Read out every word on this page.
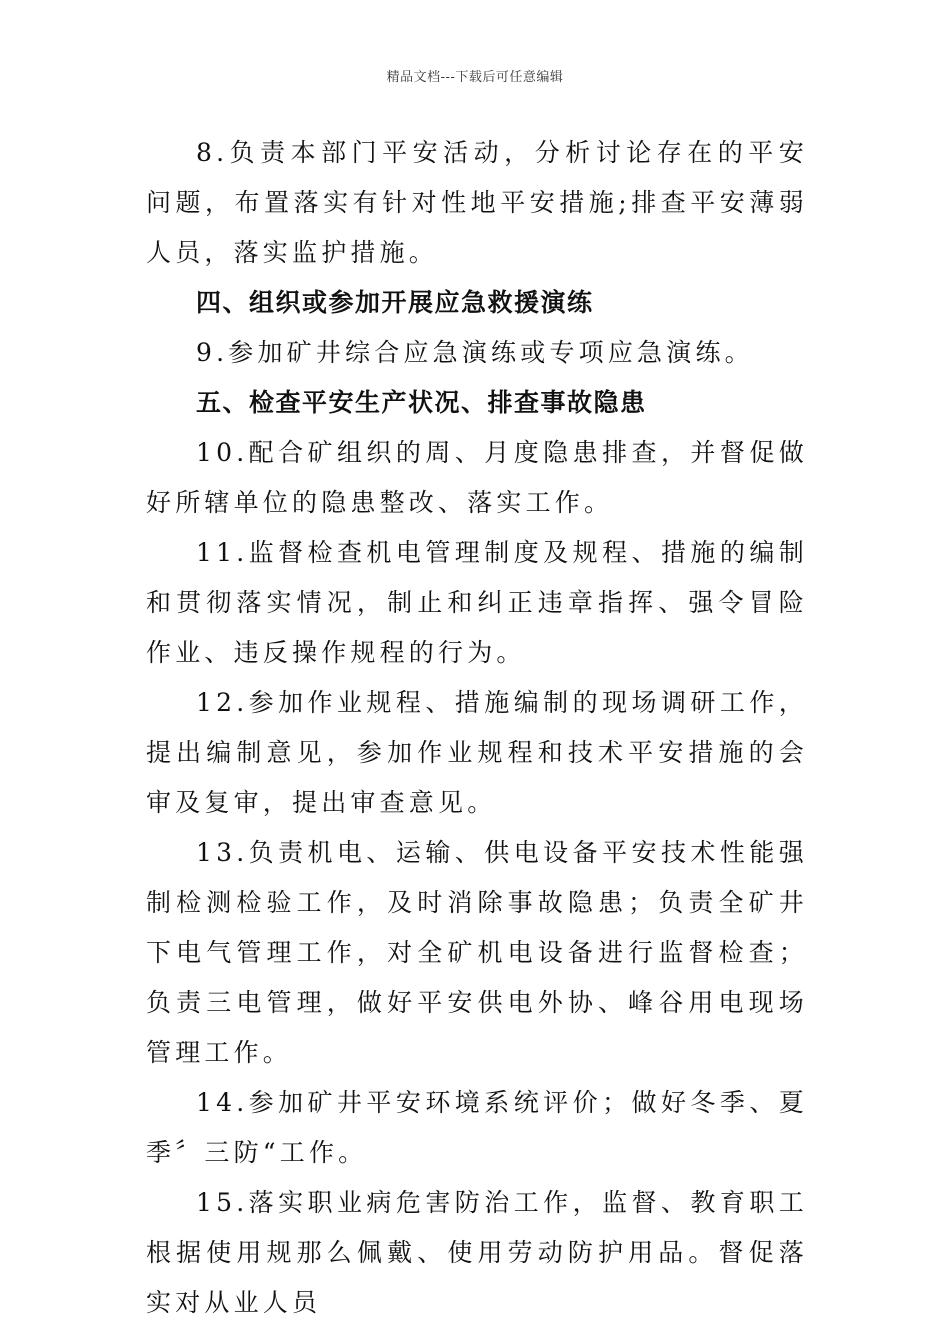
精品文档---下载后可任意编辑

8.负责本部门平安活动，分析讨论存在的平安问题，布置落实有针对性地平安措施;排查平安薄弱人员，落实监护措施。

四、组织或参加开展应急救援演练

9.参加矿井综合应急演练或专项应急演练。

五、检查平安生产状况、排查事故隐患

10.配合矿组织的周、月度隐患排查，并督促做好所辖单位的隐患整改、落实工作。

11.监督检查机电管理制度及规程、措施的编制和贯彻落实情况，制止和纠正违章指挥、强令冒险作业、违反操作规程的行为。

12.参加作业规程、措施编制的现场调研工作，提出编制意见，参加作业规程和技术平安措施的会审及复审，提出审查意见。

13.负责机电、运输、供电设备平安技术性能强制检测检验工作，及时消除事故隐患；负责全矿井下电气管理工作，对全矿机电设备进行监督检查；负责三电管理，做好平安供电外协、峰谷用电现场管理工作。

14.参加矿井平安环境系统评价；做好冬季、夏季〞三防“工作。

15.落实职业病危害防治工作，监督、教育职工根据使用规那么佩戴、使用劳动防护用品。督促落实对从业人员
